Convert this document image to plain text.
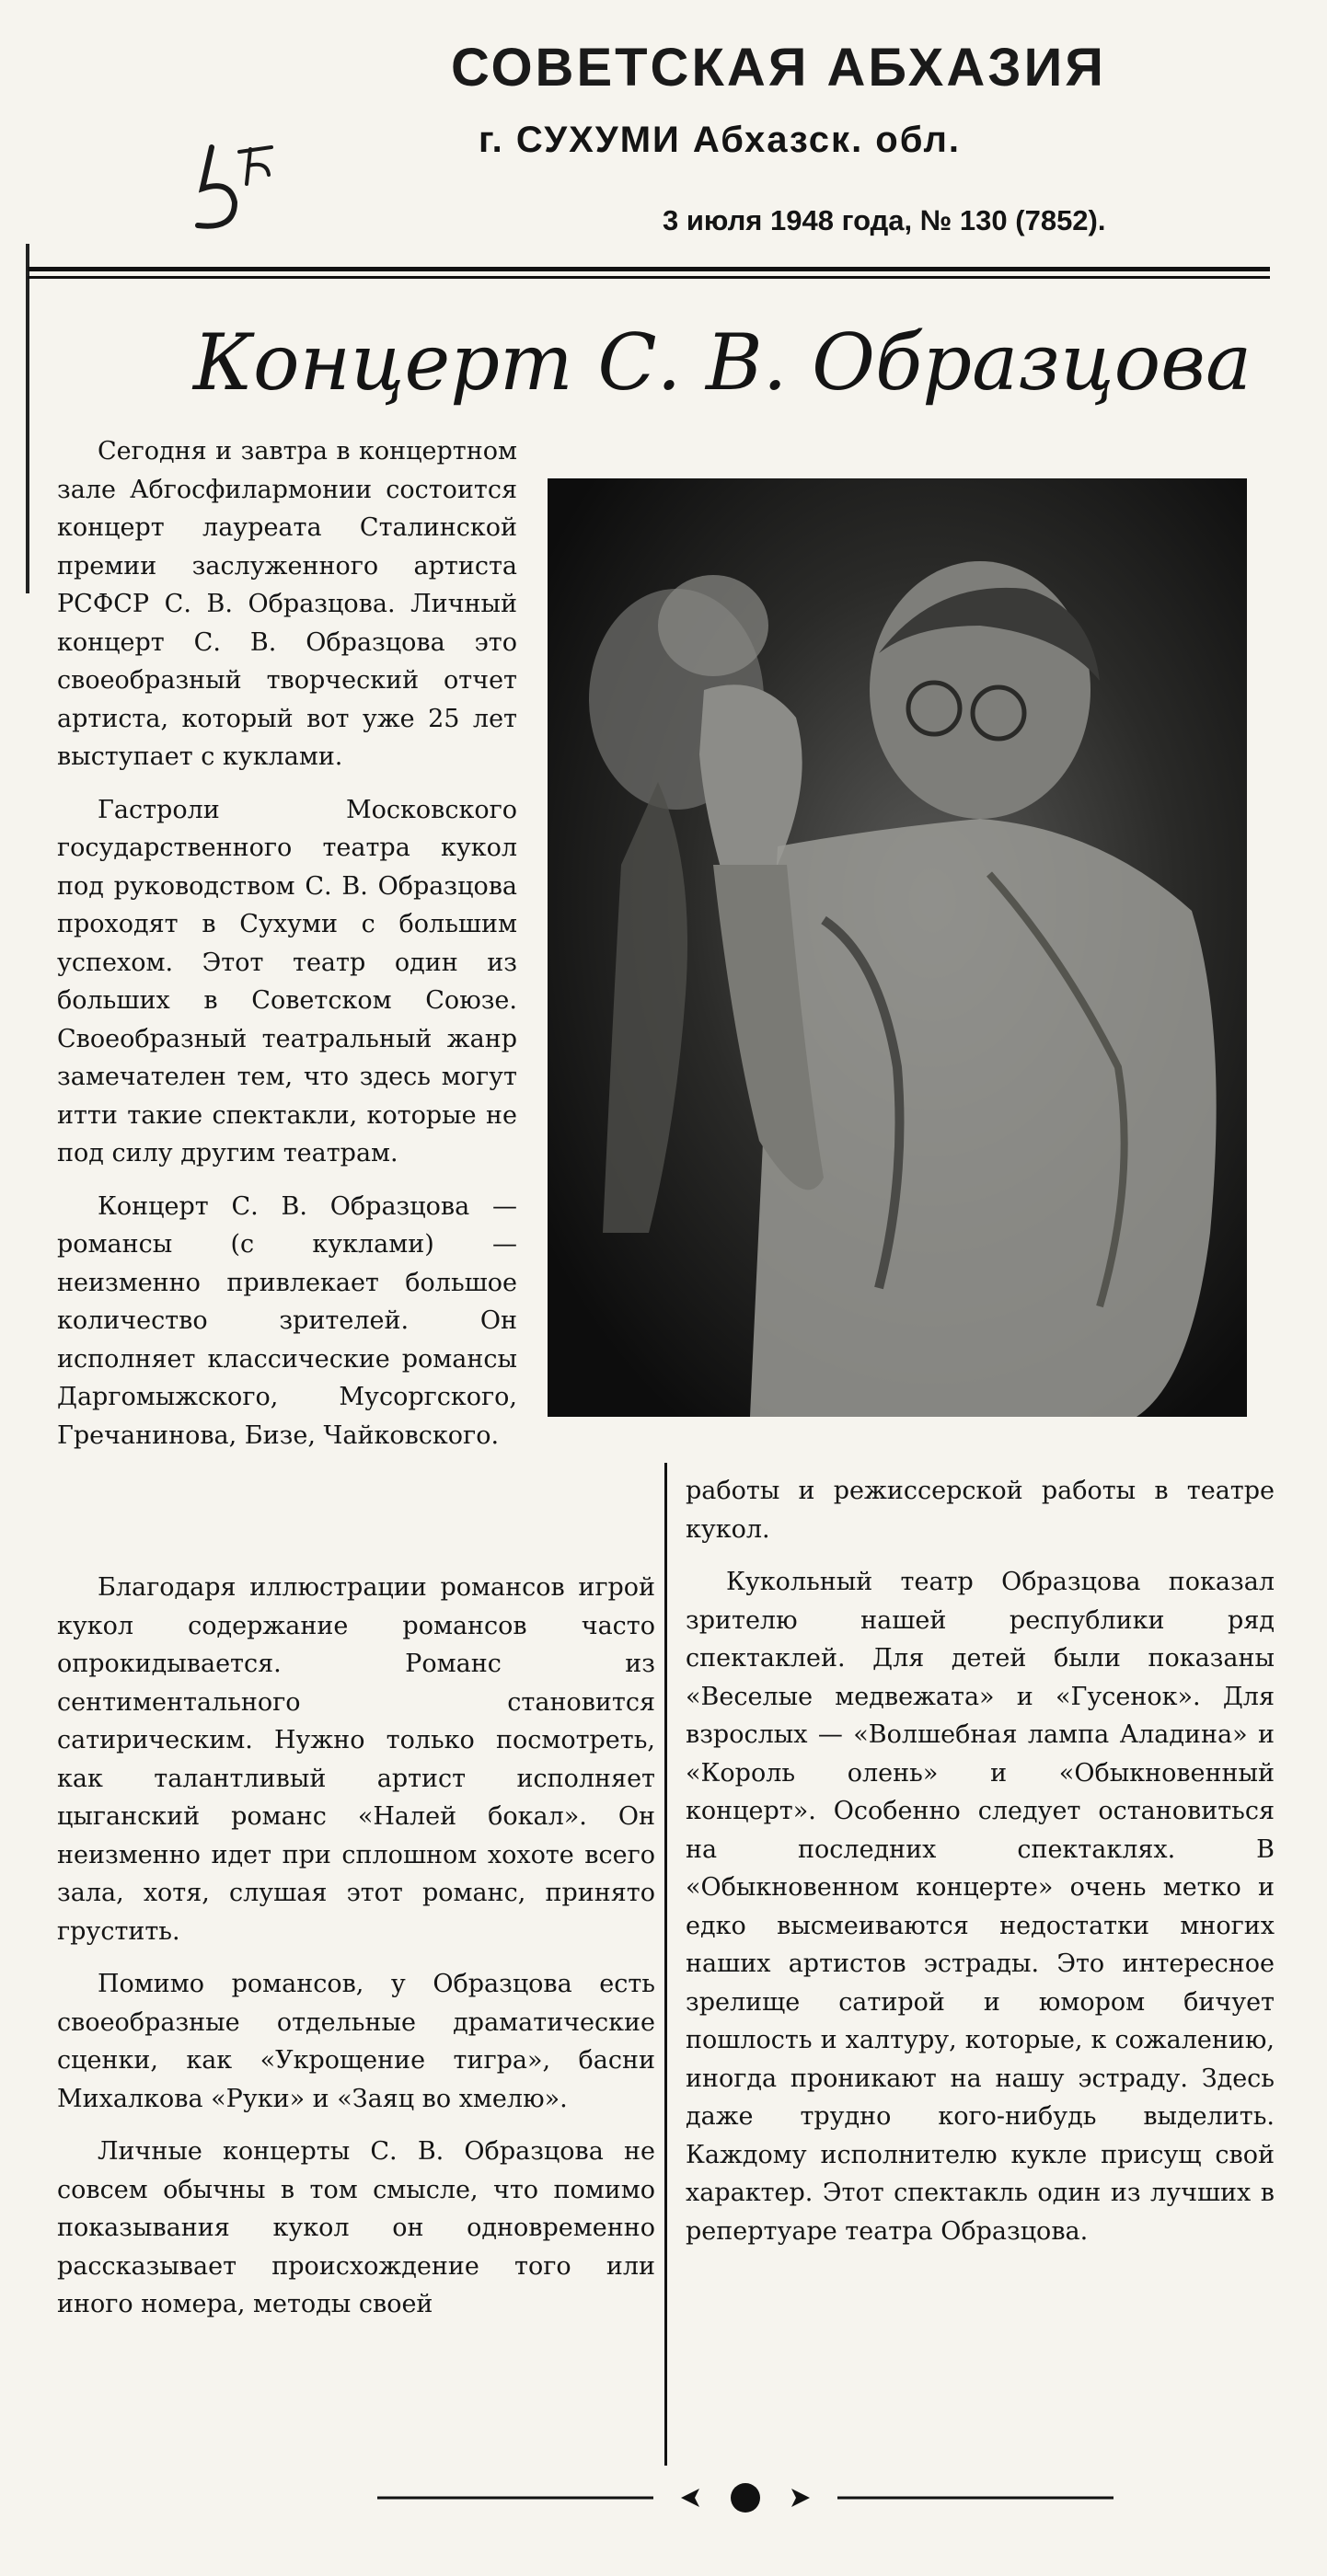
СОВЕТСКАЯ АБХАЗИЯ
г. СУХУМИ Абхазск. обл.
3 июля 1948 года, № 130 (7852).
Концерт С. В. Образцова

Сегодня и завтра в концертном зале Абгосфилармонии состоится концерт лауреата Сталинской премии заслуженного артиста РСФСР С. В. Образцова. Личный концерт С. В. Образцова это своеобразный творческий отчет артиста, который вот уже 25 лет выступает с куклами.

Гастроли Московского государственного театра кукол под руководством С. В. Образцова проходят в Сухуми с большим успехом. Этот театр один из больших в Советском Союзе. Своеобразный театральный жанр замечателен тем, что здесь могут итти такие спектакли, которые не под силу другим театрам.

Концерт С. В. Образцова — романсы (с куклами) — неизменно привлекает большое количество зрителей. Он исполняет классические романсы Даргомыжского, Мусоргского, Гречанинова, Бизе, Чайковского.

Благодаря иллюстрации романсов игрой кукол содержание романсов часто опрокидывается. Романс из сентиментального становится сатирическим. Нужно только посмотреть, как талантливый артист исполняет цыганский романс «Налей бокал». Он неизменно идет при сплошном хохоте всего зала, хотя, слушая этот романс, принято грустить.

Помимо романсов, у Образцова есть своеобразные отдельные драматические сценки, как «Укрощение тигра», басни Михалкова «Руки» и «Заяц во хмелю».

Личные концерты С. В. Образцова не совсем обычны в том смысле, что помимо показывания кукол он одновременно рассказывает происхождение того или иного номера, методы своей

работы и режиссерской работы в театре кукол.

Кукольный театр Образцова показал зрителю нашей республики ряд спектаклей. Для детей были показаны «Веселые медвежата» и «Гусенок». Для взрослых — «Волшебная лампа Аладина» и «Король олень» и «Обыкновенный концерт». Особенно следует остановиться на последних спектаклях. В «Обыкновенном концерте» очень метко и едко высмеиваются недостатки многих наших артистов эстрады. Это интересное зрелище сатирой и юмором бичует пошлость и халтуру, которые, к сожалению, иногда проникают на нашу эстраду. Здесь даже трудно кого-нибудь выделить. Каждому исполнителю кукле присущ свой характер. Этот спектакль один из лучших в репертуаре театра Образцова.
